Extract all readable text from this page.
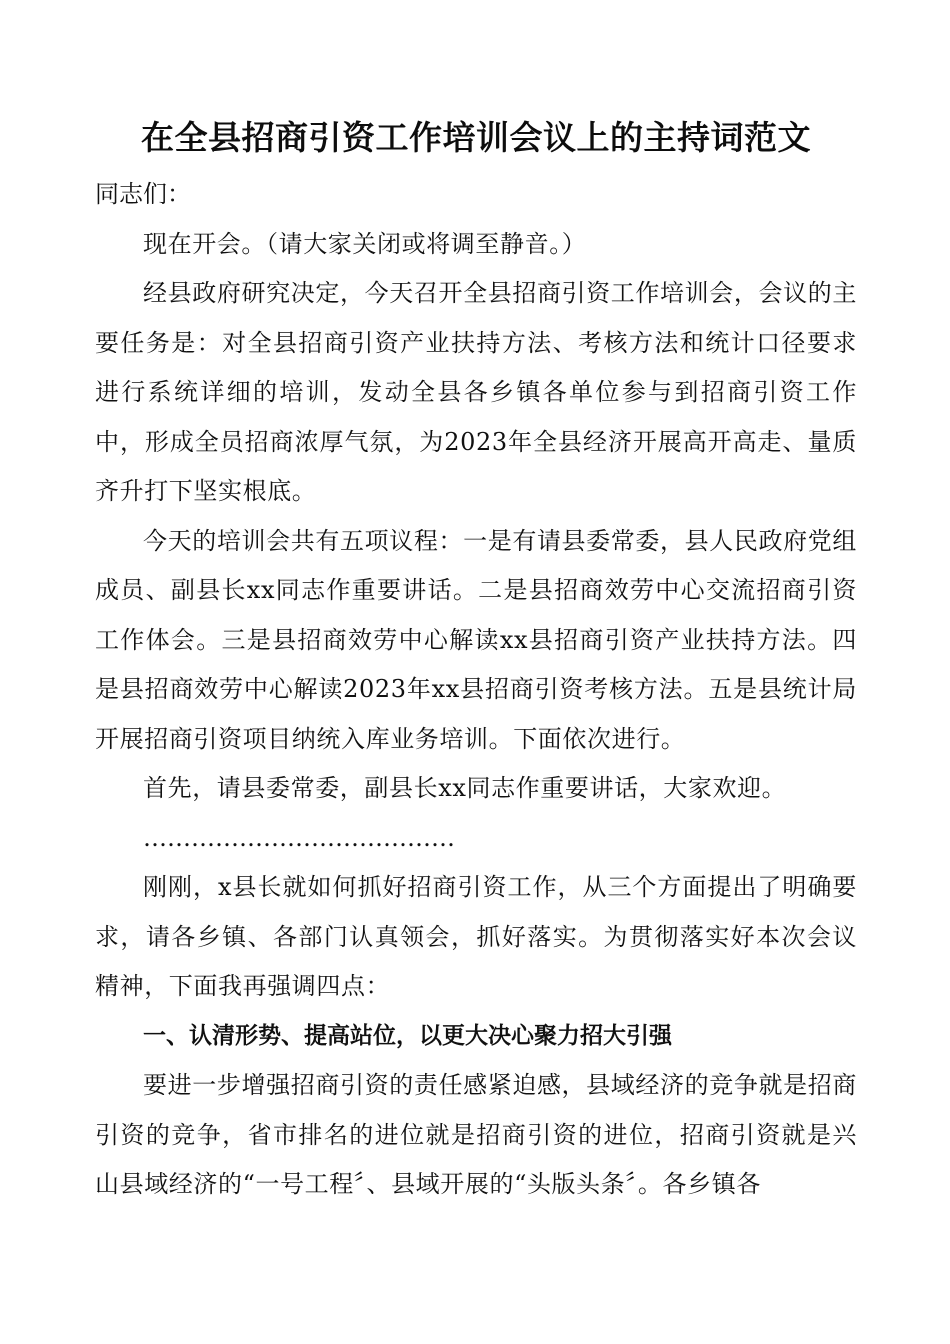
在全县招商引资工作培训会议上的主持词范文

同志们：

现在开会。（请大家关闭或将调至静音。）

经县政府研究决定，今天召开全县招商引资工作培训会，会议的主要任务是：对全县招商引资产业扶持方法、考核方法和统计口径要求进行系统详细的培训，发动全县各乡镇各单位参与到招商引资工作中，形成全员招商浓厚气氛，为2023年全县经济开展高开高走、量质齐升打下坚实根底。

今天的培训会共有五项议程：一是有请县委常委，县人民政府党组成员、副县长xx同志作重要讲话。二是县招商效劳中心交流招商引资工作体会。三是县招商效劳中心解读xx县招商引资产业扶持方法。四是县招商效劳中心解读2023年xx县招商引资考核方法。五是县统计局开展招商引资项目纳统入库业务培训。下面依次进行。

首先，请县委常委，副县长xx同志作重要讲话，大家欢迎。

…………………………………

刚刚，x县长就如何抓好招商引资工作，从三个方面提出了明确要求，请各乡镇、各部门认真领会，抓好落实。为贯彻落实好本次会议精神，下面我再强调四点：

一、认清形势、提高站位，以更大决心聚力招大引强

要进一步增强招商引资的责任感紧迫感，县域经济的竞争就是招商引资的竞争，省市排名的进位就是招商引资的进位，招商引资就是兴山县域经济的“一号工程〞、县域开展的“头版头条〞。各乡镇各
